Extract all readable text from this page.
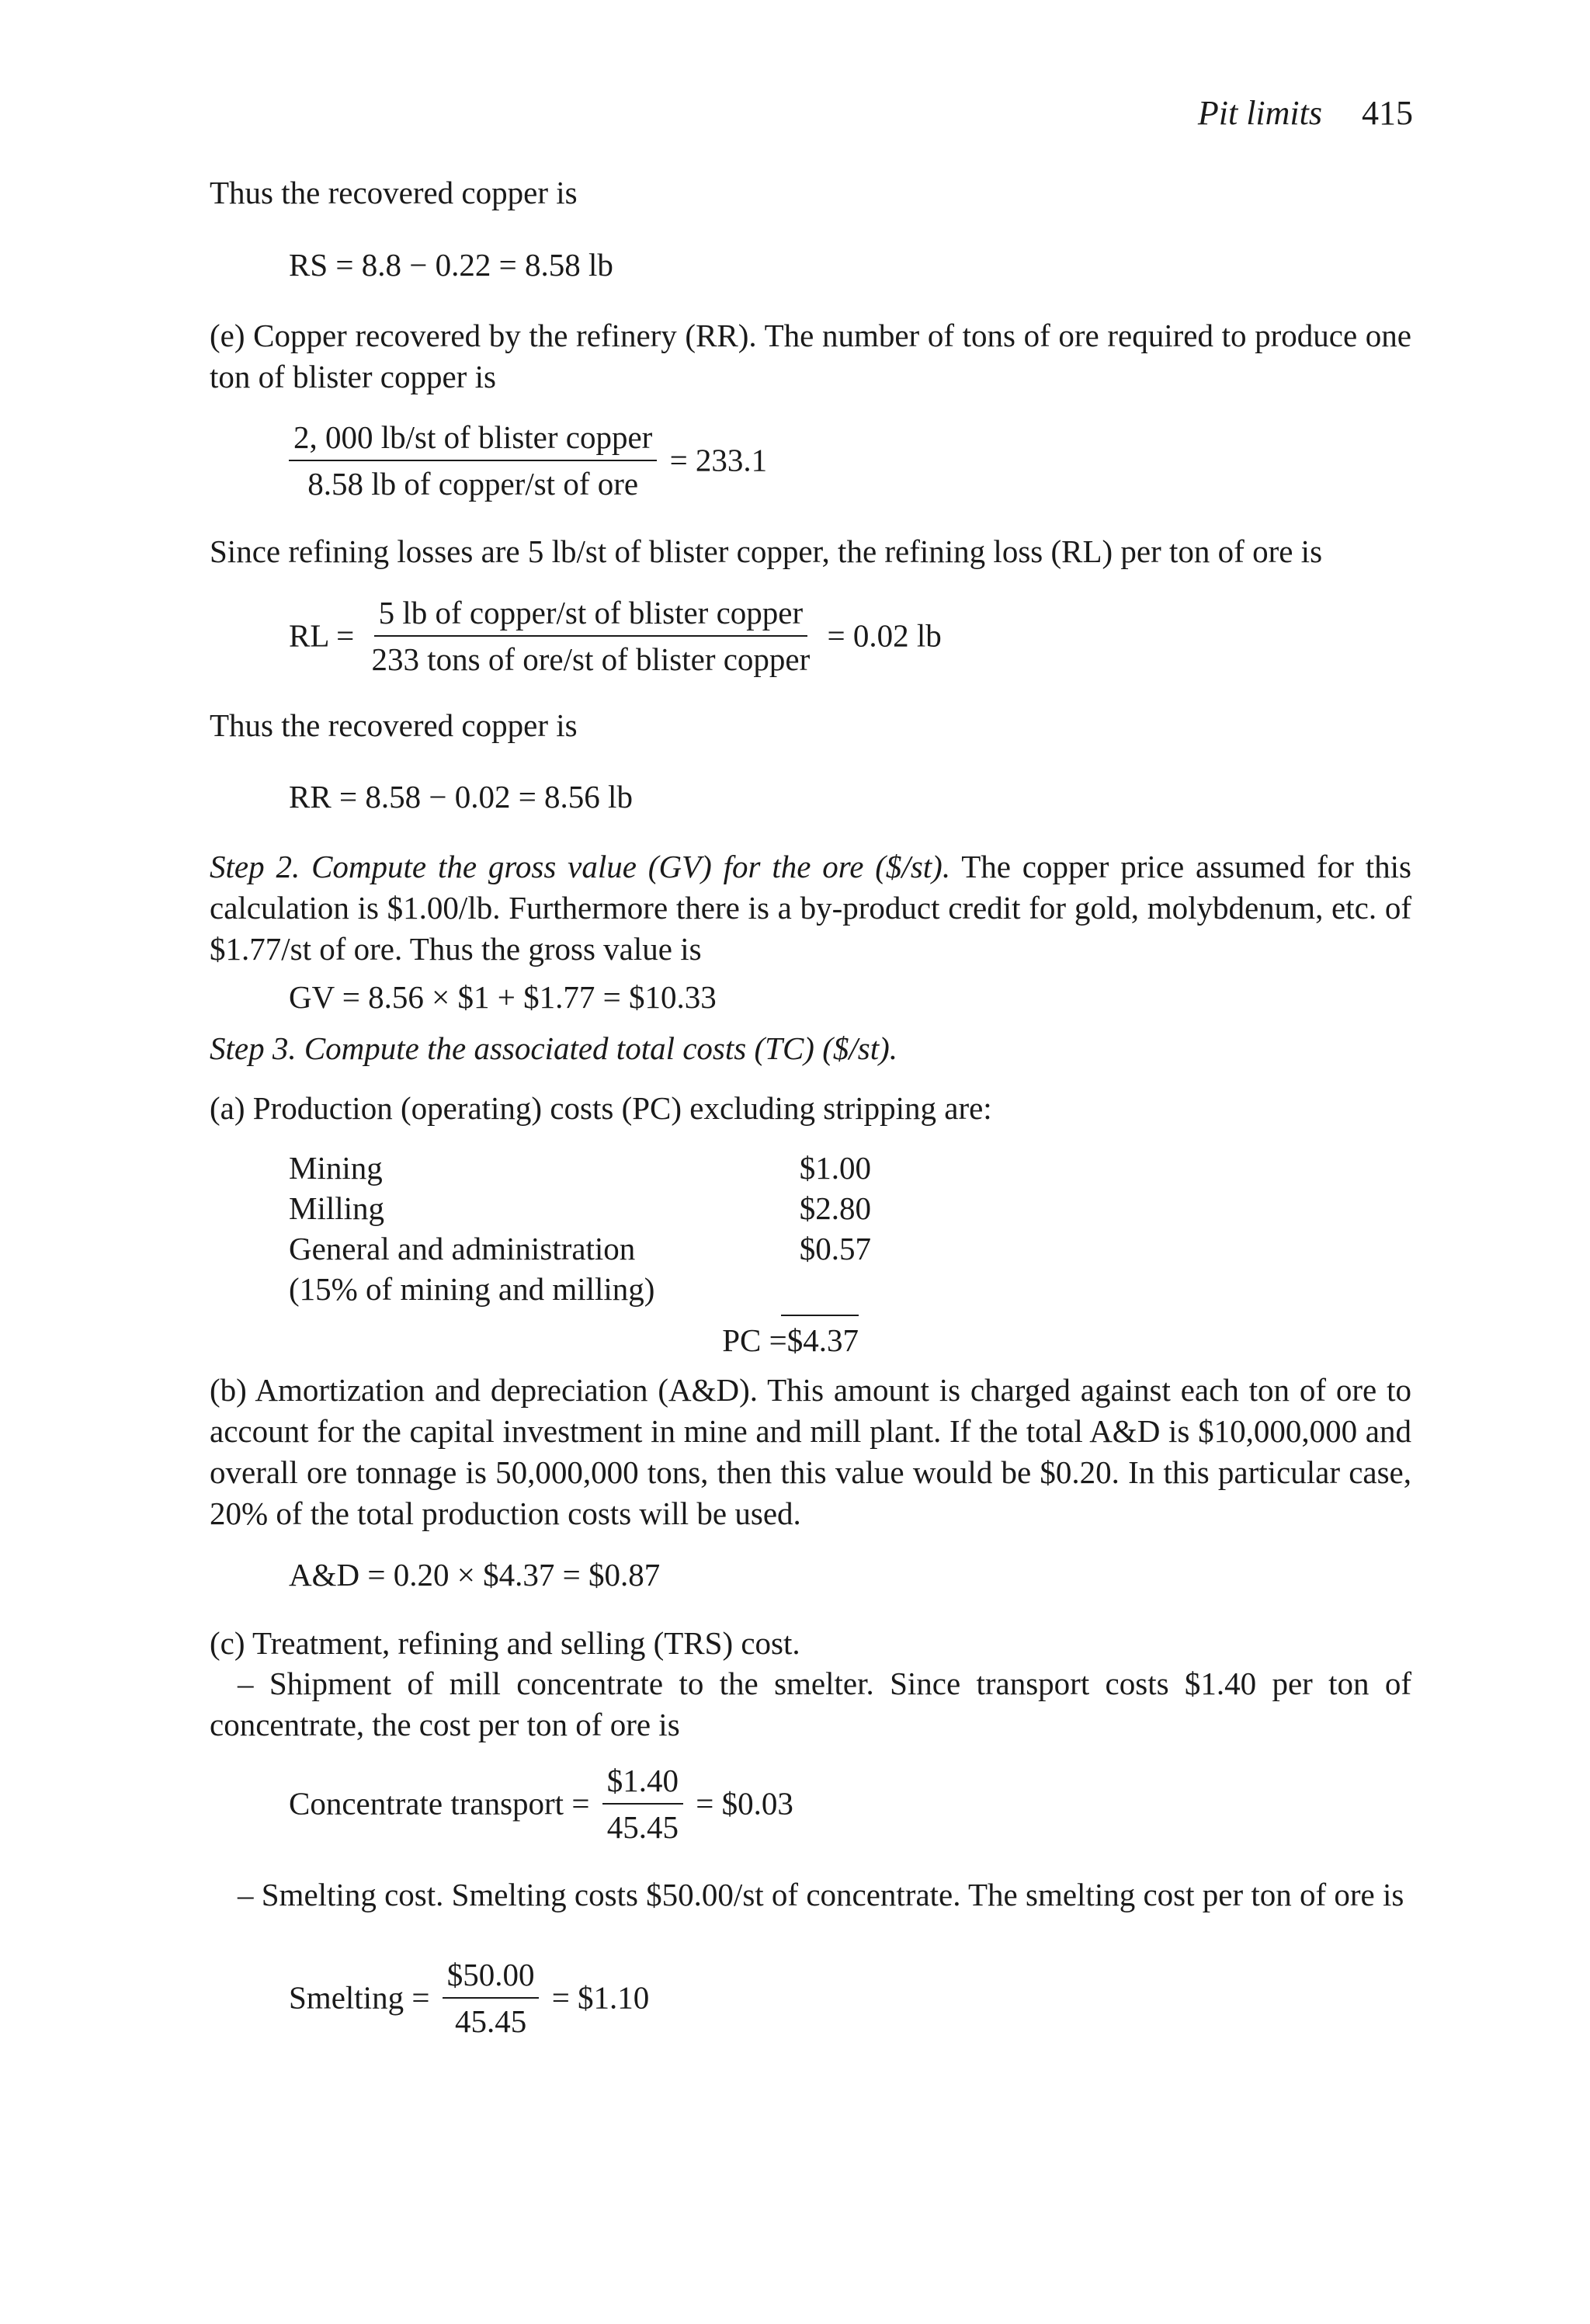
Pit limits 415
Thus the recovered copper is
RS = 8.8 − 0.22 = 8.58 lb
(e) Copper recovered by the refinery (RR). The number of tons of ore required to produce one ton of blister copper is
$\frac{\text{2, 000 lb/st of blister copper}}{\text{8.58 lb of copper/st of ore}} = 233.1$
Since refining losses are 5 lb/st of blister copper, the refining loss (RL) per ton of ore is
RL = $\frac{\text{5 lb of copper/st of blister copper}}{\text{233 tons of ore/st of blister copper}} = 0.02$ lb
Thus the recovered copper is
RR = 8.58 − 0.02 = 8.56 lb
Step 2. Compute the gross value (GV) for the ore ($/st). The copper price assumed for this calculation is $1.00/lb. Furthermore there is a by-product credit for gold, molybdenum, etc. of $1.77/st of ore. Thus the gross value is
GV = 8.56 × $1 + $1.77 = $10.33
Step 3. Compute the associated total costs (TC) ($/st).
(a) Production (operating) costs (PC) excluding stripping are:
Mining	$1.00
Milling	$2.80
General and administration	$0.57
(15% of mining and milling)
PC =$4.37
(b) Amortization and depreciation (A&D). This amount is charged against each ton of ore to account for the capital investment in mine and mill plant. If the total A&D is $10,000,000 and overall ore tonnage is 50,000,000 tons, then this value would be $0.20. In this particular case, 20% of the total production costs will be used.
A&D = 0.20 × $4.37 = $0.87
(c) Treatment, refining and selling (TRS) cost.
– Shipment of mill concentrate to the smelter. Since transport costs $1.40 per ton of concentrate, the cost per ton of ore is
Concentrate transport = $\frac{\$1.40}{45.45}$ = $0.03
– Smelting cost. Smelting costs $50.00/st of concentrate. The smelting cost per ton of ore is
Smelting = $\frac{\$50.00}{45.45}$ = $1.10
